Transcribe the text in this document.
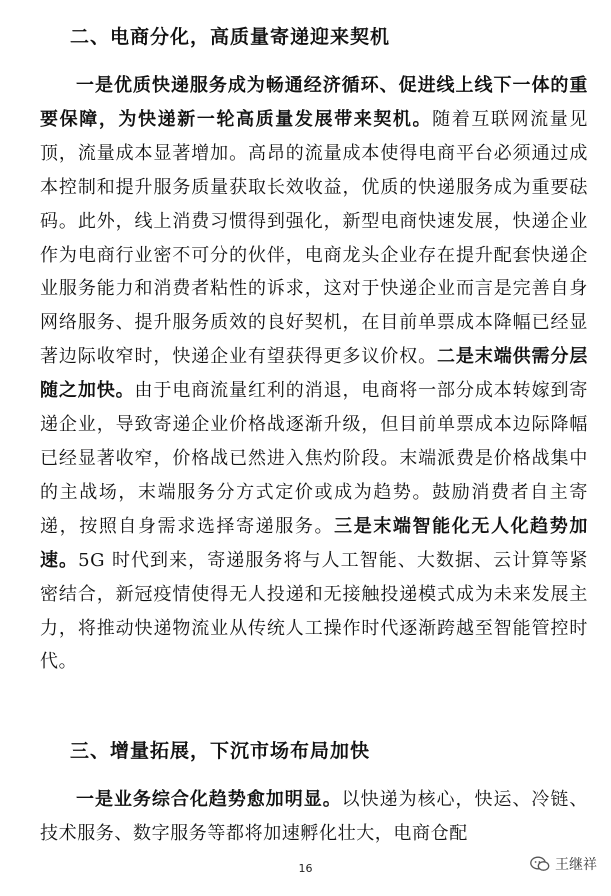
二、电商分化，高质量寄递迎来契机
一是优质快递服务成为畅通经济循环、促进线上线下一体的重要保障，为快递新一轮高质量发展带来契机。随着互联网流量见顶，流量成本显著增加。高昂的流量成本使得电商平台必须通过成本控制和提升服务质量获取长效收益，优质的快递服务成为重要砝码。此外，线上消费习惯得到强化，新型电商快速发展，快递企业作为电商行业密不可分的伙伴，电商龙头企业存在提升配套快递企业服务能力和消费者粘性的诉求，这对于快递企业而言是完善自身网络服务、提升服务质效的良好契机，在目前单票成本降幅已经显著边际收窄时，快递企业有望获得更多议价权。二是末端供需分层随之加快。由于电商流量红利的消退，电商将一部分成本转嫁到寄递企业，导致寄递企业价格战逐渐升级，但目前单票成本边际降幅已经显著收窄，价格战已然进入焦灼阶段。末端派费是价格战集中的主战场，末端服务分方式定价或成为趋势。鼓励消费者自主寄递，按照自身需求选择寄递服务。三是末端智能化无人化趋势加速。5G 时代到来，寄递服务将与人工智能、大数据、云计算等紧密结合，新冠疫情使得无人投递和无接触投递模式成为未来发展主力，将推动快递物流业从传统人工操作时代逐渐跨越至智能管控时代。
三、增量拓展，下沉市场布局加快
一是业务综合化趋势愈加明显。以快递为核心，快运、冷链、技术服务、数字服务等都将加速孵化壮大，电商仓配
16	王继祥
